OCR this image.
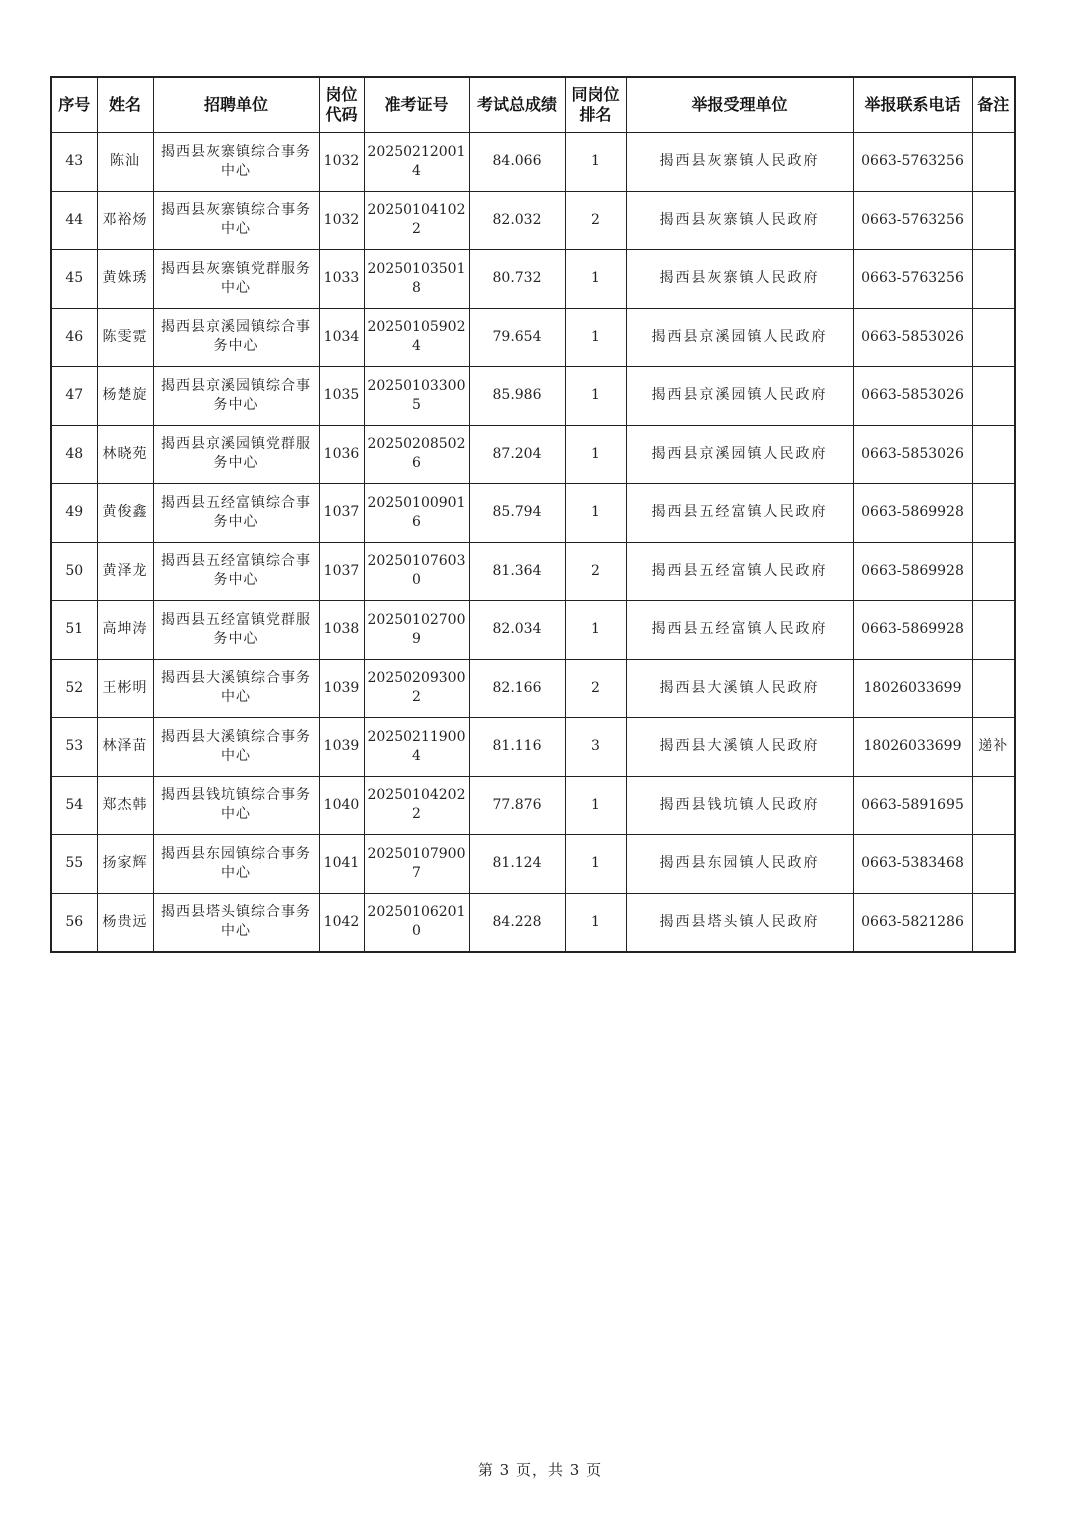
序号	姓名	招聘单位	岗位代码	准考证号	考试总成绩	同岗位排名	举报受理单位	举报联系电话	备注
43	陈汕	揭西县灰寨镇综合事务中心	1032	202502120014	84.066	1	揭西县灰寨镇人民政府	0663-5763256	
44	邓裕炀	揭西县灰寨镇综合事务中心	1032	202501041022	82.032	2	揭西县灰寨镇人民政府	0663-5763256	
45	黄姝琇	揭西县灰寨镇党群服务中心	1033	202501035018	80.732	1	揭西县灰寨镇人民政府	0663-5763256	
46	陈雯霓	揭西县京溪园镇综合事务中心	1034	202501059024	79.654	1	揭西县京溪园镇人民政府	0663-5853026	
47	杨楚旋	揭西县京溪园镇综合事务中心	1035	202501033005	85.986	1	揭西县京溪园镇人民政府	0663-5853026	
48	林晓苑	揭西县京溪园镇党群服务中心	1036	202502085026	87.204	1	揭西县京溪园镇人民政府	0663-5853026	
49	黄俊鑫	揭西县五经富镇综合事务中心	1037	202501009016	85.794	1	揭西县五经富镇人民政府	0663-5869928	
50	黄泽龙	揭西县五经富镇综合事务中心	1037	202501076030	81.364	2	揭西县五经富镇人民政府	0663-5869928	
51	高坤涛	揭西县五经富镇党群服务中心	1038	202501027009	82.034	1	揭西县五经富镇人民政府	0663-5869928	
52	王彬明	揭西县大溪镇综合事务中心	1039	202502093002	82.166	2	揭西县大溪镇人民政府	18026033699	
53	林泽苗	揭西县大溪镇综合事务中心	1039	202502119004	81.116	3	揭西县大溪镇人民政府	18026033699	递补
54	郑杰韩	揭西县钱坑镇综合事务中心	1040	202501042022	77.876	1	揭西县钱坑镇人民政府	0663-5891695	
55	扬家辉	揭西县东园镇综合事务中心	1041	202501079007	81.124	1	揭西县东园镇人民政府	0663-5383468	
56	杨贵远	揭西县塔头镇综合事务中心	1042	202501062010	84.228	1	揭西县塔头镇人民政府	0663-5821286	
第 3 页，共 3 页
